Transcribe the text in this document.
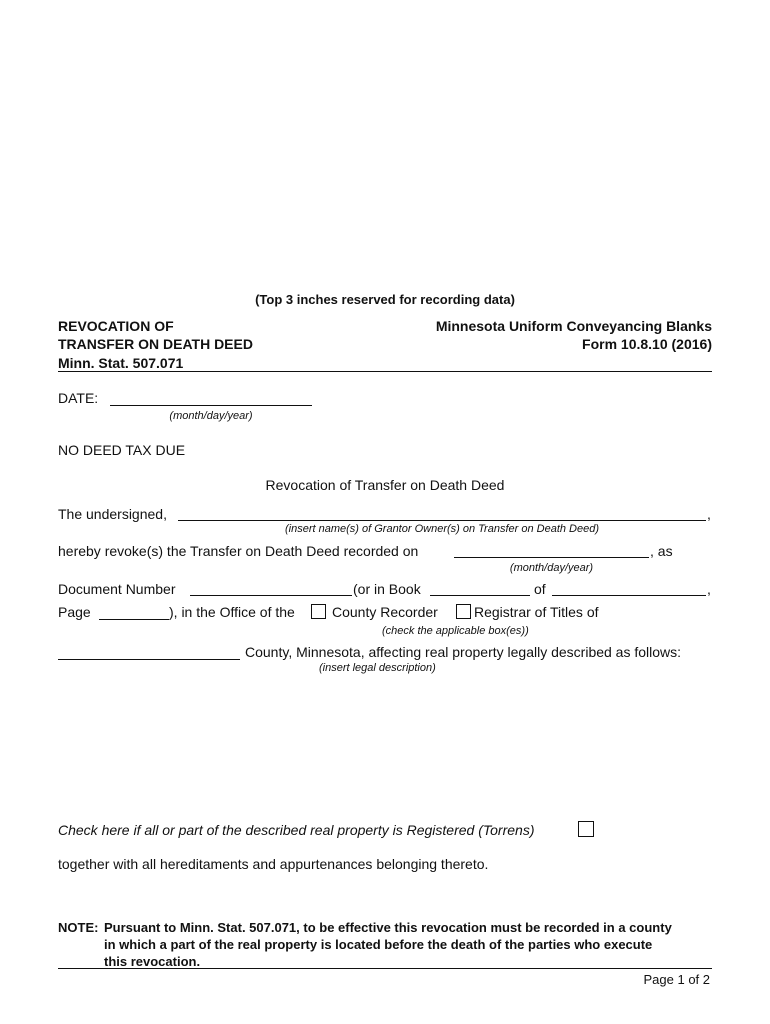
(Top 3 inches reserved for recording data)
REVOCATION OF
TRANSFER ON DEATH DEED
Minn. Stat. 507.071
Minnesota Uniform Conveyancing Blanks
Form 10.8.10 (2016)
DATE:
(month/day/year)
NO DEED TAX DUE
Revocation of Transfer on Death Deed
The undersigned,	,
(insert name(s) of Grantor Owner(s) on Transfer on Death Deed)
hereby revoke(s) the Transfer on Death Deed recorded on	, as
(month/day/year)
Document Number	(or in Book	of	,
Page	), in the Office of the	County Recorder	Registrar of Titles of
(check the applicable box(es))
County, Minnesota, affecting real property legally described as follows:
(insert legal description)
Check here if all or part of the described real property is Registered (Torrens)
together with all hereditaments and appurtenances belonging thereto.
NOTE: Pursuant to Minn. Stat. 507.071, to be effective this revocation must be recorded in a county
in which a part of the real property is located before the death of the parties who execute
this revocation.
Page 1 of 2
